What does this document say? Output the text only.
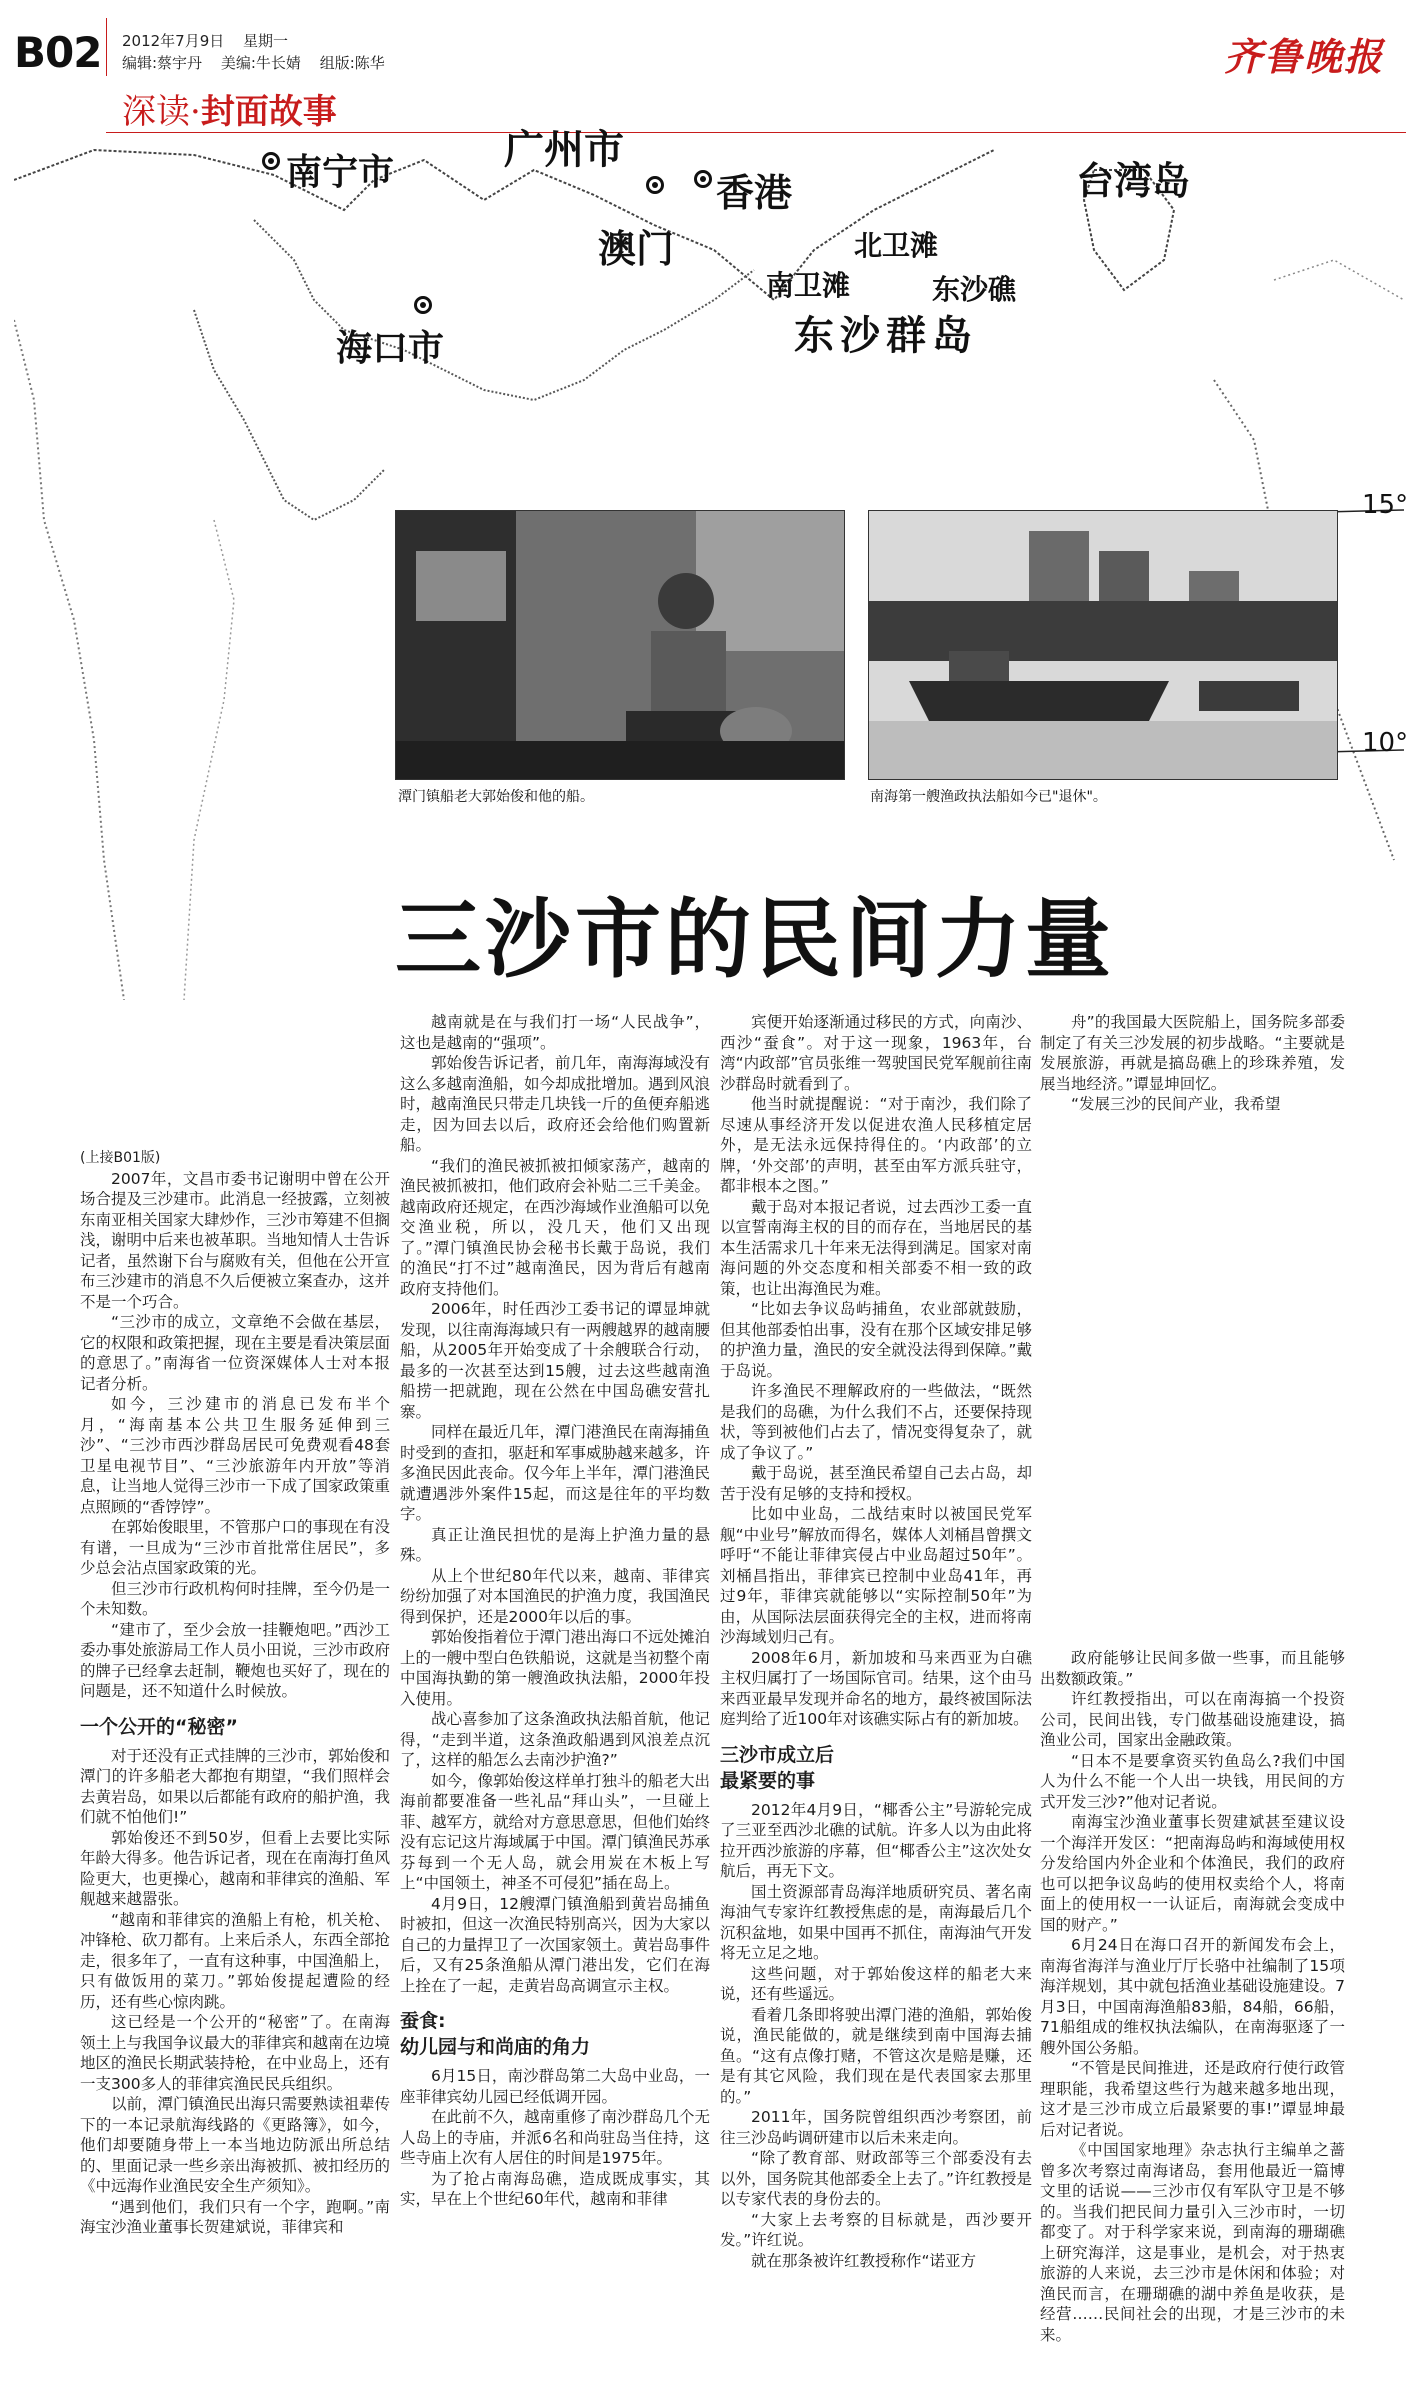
B02 2012年7月9日 星期一
编辑:蔡宇丹 美编:牛长婧 组版:陈华
深读·封面故事
齐鲁晚报
南宁市	广州市
香港
澳门
台湾岛
北卫滩
南卫滩	东沙礁
东沙群岛
海口市
15°
10°
潭门镇船老大郭始俊和他的船。	南海第一艘渔政执法船如今已"退休"。
三沙市的民间力量

(上接B01版)

2007年，文昌市委书记谢明中曾在公开场合提及三沙建市。此消息一经披露，立刻被东南亚相关国家大肆炒作，三沙市筹建不但搁浅，谢明中后来也被革职。当地知情人士告诉记者，虽然谢下台与腐败有关，但他在公开宣布三沙建市的消息不久后便被立案查办，这并不是一个巧合。

“三沙市的成立，文章绝不会做在基层，它的权限和政策把握，现在主要是看决策层面的意思了。”南海省一位资深媒体人士对本报记者分析。

如今，三沙建市的消息已发布半个月，“海南基本公共卫生服务延伸到三沙”、“三沙市西沙群岛居民可免费观看48套卫星电视节目”、“三沙旅游年内开放”等消息，让当地人觉得三沙市一下成了国家政策重点照顾的“香饽饽”。

在郭始俊眼里，不管那户口的事现在有没有谱，一旦成为“三沙市首批常住居民”，多少总会沾点国家政策的光。

但三沙市行政机构何时挂牌，至今仍是一个未知数。

“建市了，至少会放一挂鞭炮吧。”西沙工委办事处旅游局工作人员小田说，三沙市政府的牌子已经拿去赶制，鞭炮也买好了，现在的问题是，还不知道什么时候放。

一个公开的“秘密”

对于还没有正式挂牌的三沙市，郭始俊和潭门的许多船老大都抱有期望，“我们照样会去黄岩岛，如果以后都能有政府的船护渔，我们就不怕他们!”

郭始俊还不到50岁，但看上去要比实际年龄大得多。他告诉记者，现在在南海打鱼风险更大，也更操心，越南和菲律宾的渔船、军舰越来越嚣张。

“越南和菲律宾的渔船上有枪，机关枪、冲锋枪、砍刀都有。上来后杀人，东西全部抢走，很多年了，一直有这种事，中国渔船上，只有做饭用的菜刀。”郭始俊提起遭险的经历，还有些心惊肉跳。

这已经是一个公开的“秘密”了。在南海领土上与我国争议最大的菲律宾和越南在边境地区的渔民长期武装持枪，在中业岛上，还有一支300多人的菲律宾渔民民兵组织。

以前，潭门镇渔民出海只需要熟读祖辈传下的一本记录航海线路的《更路簿》，如今，他们却要随身带上一本当地边防派出所总结的、里面记录一些乡亲出海被抓、被扣经历的《中远海作业渔民安全生产须知》。

“遇到他们，我们只有一个字，跑啊。”南海宝沙渔业董事长贺建斌说，菲律宾和

越南就是在与我们打一场“人民战争”，这也是越南的“强项”。

郭始俊告诉记者，前几年，南海海域没有这么多越南渔船，如今却成批增加。遇到风浪时，越南渔民只带走几块钱一斤的鱼便弃船逃走，因为回去以后，政府还会给他们购置新船。

“我们的渔民被抓被扣倾家荡产，越南的渔民被抓被扣，他们政府会补贴二三千美金。越南政府还规定，在西沙海域作业渔船可以免交渔业税，所以，没几天，他们又出现了。”潭门镇渔民协会秘书长戴于岛说，我们的渔民“打不过”越南渔民，因为背后有越南政府支持他们。

2006年，时任西沙工委书记的谭显坤就发现，以往南海海域只有一两艘越界的越南腰船，从2005年开始变成了十余艘联合行动，最多的一次甚至达到15艘，过去这些越南渔船捞一把就跑，现在公然在中国岛礁安营扎寨。

同样在最近几年，潭门港渔民在南海捕鱼时受到的查扣，驱赶和军事威胁越来越多，许多渔民因此丧命。仅今年上半年，潭门港渔民就遭遇涉外案件15起，而这是往年的平均数字。

真正让渔民担忧的是海上护渔力量的悬殊。

从上个世纪80年代以来，越南、菲律宾纷纷加强了对本国渔民的护渔力度，我国渔民得到保护，还是2000年以后的事。

郭始俊指着位于潭门港出海口不远处摊泊上的一艘中型白色铁船说，这就是当初整个南中国海执勤的第一艘渔政执法船，2000年投入使用。

战心喜参加了这条渔政执法船首航，他记得，“走到半道，这条渔政船遇到风浪差点沉了，这样的船怎么去南沙护渔?”

如今，像郭始俊这样单打独斗的船老大出海前都要准备一些礼品“拜山头”，一旦碰上菲、越军方，就给对方意思意思，但他们始终没有忘记这片海域属于中国。潭门镇渔民苏承芬每到一个无人岛，就会用炭在木板上写上“中国领土，神圣不可侵犯”插在岛上。

4月9日，12艘潭门镇渔船到黄岩岛捕鱼时被扣，但这一次渔民特别高兴，因为大家以自己的力量捍卫了一次国家领土。黄岩岛事件后，又有25条渔船从潭门港出发，它们在海上拴在了一起，走黄岩岛高调宣示主权。

蚕食:

幼儿园与和尚庙的角力

6月15日，南沙群岛第二大岛中业岛，一座菲律宾幼儿园已经低调开园。

在此前不久，越南重修了南沙群岛几个无人岛上的寺庙，并派6名和尚驻岛当住持，这些寺庙上次有人居住的时间是1975年。

为了抢占南海岛礁，造成既成事实，其实，早在上个世纪60年代，越南和菲律

宾便开始逐渐通过移民的方式，向南沙、西沙“蚕食”。对于这一现象，1963年，台湾“内政部”官员张维一驾驶国民党军舰前往南沙群岛时就看到了。

他当时就提醒说：“对于南沙，我们除了尽速从事经济开发以促进农渔人民移植定居外，是无法永远保持得住的。‘内政部’的立牌，‘外交部’的声明，甚至由军方派兵驻守，都非根本之图。”

戴于岛对本报记者说，过去西沙工委一直以宣誓南海主权的目的而存在，当地居民的基本生活需求几十年来无法得到满足。国家对南海问题的外交态度和相关部委不相一致的政策，也让出海渔民为难。

“比如去争议岛屿捕鱼，农业部就鼓励，但其他部委怕出事，没有在那个区域安排足够的护渔力量，渔民的安全就没法得到保障。”戴于岛说。

许多渔民不理解政府的一些做法，“既然是我们的岛礁，为什么我们不占，还要保持现状，等到被他们占去了，情况变得复杂了，就成了争议了。”

戴于岛说，甚至渔民希望自己去占岛，却苦于没有足够的支持和授权。

比如中业岛，二战结束时以被国民党军舰“中业号”解放而得名，媒体人刘桶昌曾撰文呼吁“不能让菲律宾侵占中业岛超过50年”。刘桶昌指出，菲律宾已控制中业岛41年，再过9年，菲律宾就能够以“实际控制50年”为由，从国际法层面获得完全的主权，进而将南沙海域划归己有。

2008年6月，新加坡和马来西亚为白礁主权归属打了一场国际官司。结果，这个由马来西亚最早发现并命名的地方，最终被国际法庭判给了近100年对该礁实际占有的新加坡。

三沙市成立后

最紧要的事

2012年4月9日，“椰香公主”号游轮完成了三亚至西沙北礁的试航。许多人以为由此将拉开西沙旅游的序幕，但“椰香公主”这次处女航后，再无下文。

国土资源部青岛海洋地质研究员、著名南海油气专家许红教授焦虑的是，南海最后几个沉积盆地，如果中国再不抓住，南海油气开发将无立足之地。

这些问题，对于郭始俊这样的船老大来说，还有些遥远。

看着几条即将驶出潭门港的渔船，郭始俊说，渔民能做的，就是继续到南中国海去捕鱼。“这有点像打赌，不管这次是赔是赚，还是有其它风险，我们现在是代表国家去那里的。”

2011年，国务院曾组织西沙考察团，前往三沙岛屿调研建市以后未来走向。

“除了教育部、财政部等三个部委没有去以外，国务院其他部委全上去了。”许红教授是以专家代表的身份去的。

“大家上去考察的目标就是，西沙要开发。”许红说。

就在那条被许红教授称作“诺亚方

舟”的我国最大医院船上，国务院多部委制定了有关三沙发展的初步战略。“主要就是发展旅游，再就是搞岛礁上的珍珠养殖，发展当地经济。”谭显坤回忆。

“发展三沙的民间产业，我希望

政府能够让民间多做一些事，而且能够出数额政策。”

许红教授指出，可以在南海搞一个投资公司，民间出钱，专门做基础设施建设，搞渔业公司，国家出金融政策。

“日本不是要拿资买钓鱼岛么?我们中国人为什么不能一个人出一块钱，用民间的方式开发三沙?”他对记者说。

南海宝沙渔业董事长贺建斌甚至建议设一个海洋开发区：“把南海岛屿和海域使用权分发给国内外企业和个体渔民，我们的政府也可以把争议岛屿的使用权卖给个人，将南面上的使用权一一认证后，南海就会变成中国的财产。”

6月24日在海口召开的新闻发布会上，南海省海洋与渔业厅厅长骆中社编制了15项海洋规划，其中就包括渔业基础设施建设。7月3日，中国南海渔船83船，84船，66船，71船组成的维权执法编队，在南海驱逐了一艘外国公务船。

“不管是民间推进，还是政府行使行政管理职能，我希望这些行为越来越多地出现，这才是三沙市成立后最紧要的事!”谭显坤最后对记者说。

《中国国家地理》杂志执行主编单之蔷曾多次考察过南海诸岛，套用他最近一篇博文里的话说——三沙市仅有军队守卫是不够的。当我们把民间力量引入三沙市时，一切都变了。对于科学家来说，到南海的珊瑚礁上研究海洋，这是事业，是机会，对于热衷旅游的人来说，去三沙市是休闲和体验；对渔民而言，在珊瑚礁的湖中养鱼是收获，是经营……民间社会的出现，才是三沙市的未来。
